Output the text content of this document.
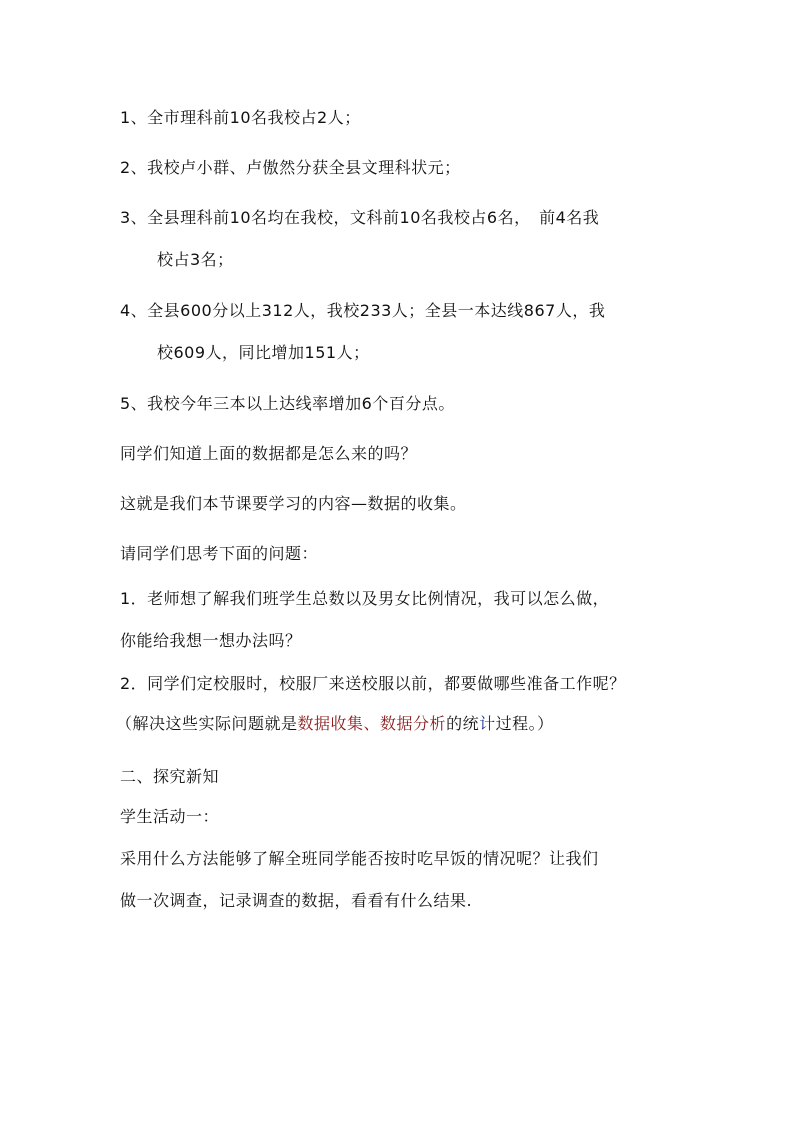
1、全市理科前10名我校占2人；
2、我校卢小群、卢傲然分获全县文理科状元；
3、全县理科前10名均在我校，文科前10名我校占6名，　前4名我
校占3名；
4、全县600分以上312人，我校233人；全县一本达线867人，我
校609人，同比增加151人；
5、我校今年三本以上达线率增加6个百分点。
同学们知道上面的数据都是怎么来的吗？
这就是我们本节课要学习的内容—数据的收集。
请同学们思考下面的问题：
1．老师想了解我们班学生总数以及男女比例情况，我可以怎么做，
你能给我想一想办法吗？
2．同学们定校服时，校服厂来送校服以前，都要做哪些准备工作呢？
（解决这些实际问题就是数据收集、数据分析的统计过程。）
二、探究新知
学生活动一：
采用什么方法能够了解全班同学能否按时吃早饭的情况呢？让我们
做一次调查，记录调查的数据，看看有什么结果.
